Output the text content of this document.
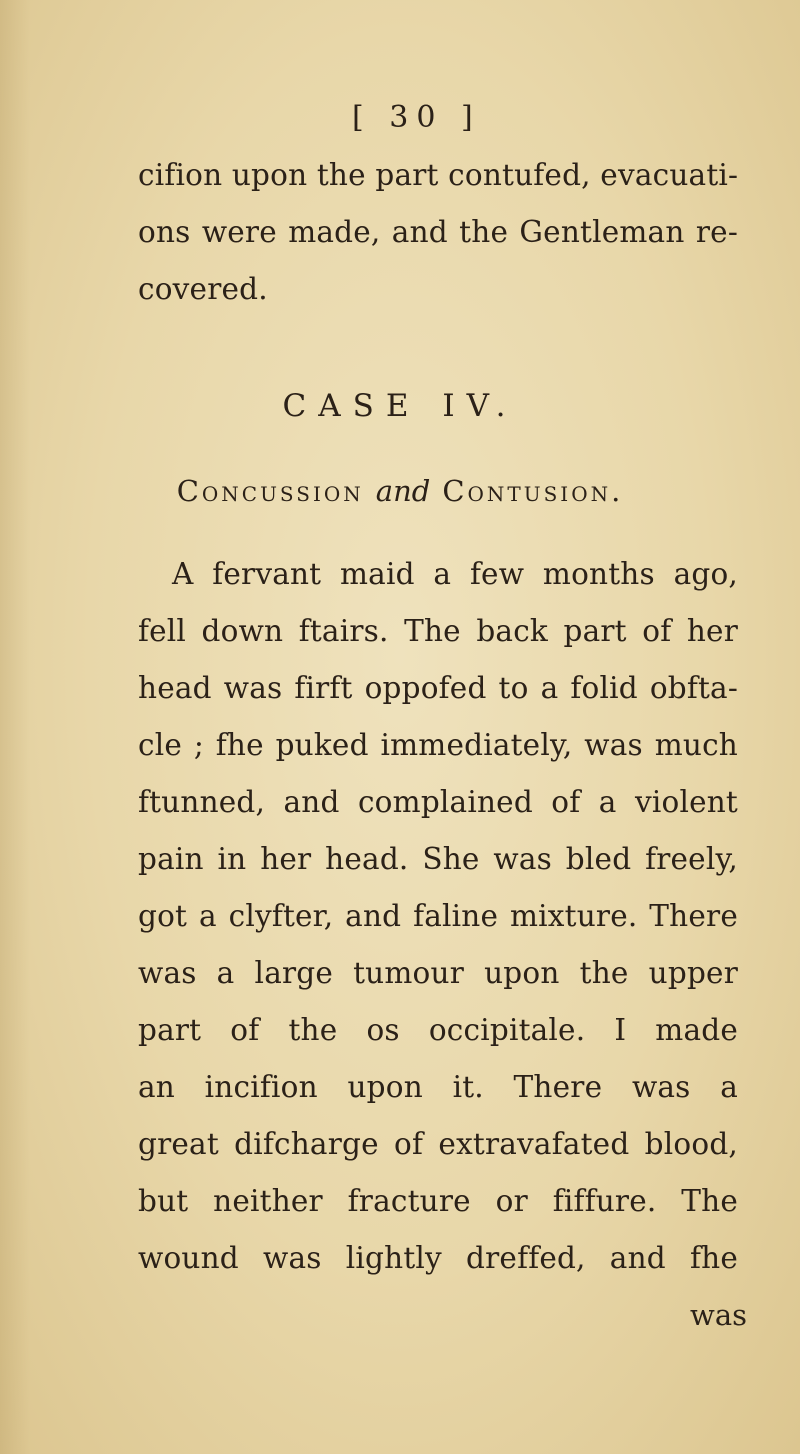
[ 30 ]
cifion upon the part contufed, evacuati-
ons were made, and the Gentleman re-
covered.
CASE IV.
Concussion and Contusion.
A fervant maid a few months ago,
fell down ftairs. The back part of her
head was firft oppofed to a folid obfta-
cle ; fhe puked immediately, was much
ftunned, and complained of a violent
pain in her head. She was bled freely,
got a clyfter, and faline mixture. There
was a large tumour upon the upper
part of the os occipitale. I made
an incifion upon it. There was a
great difcharge of extravafated blood,
but neither fracture or fiffure. The
wound was lightly dreffed, and fhe
was
